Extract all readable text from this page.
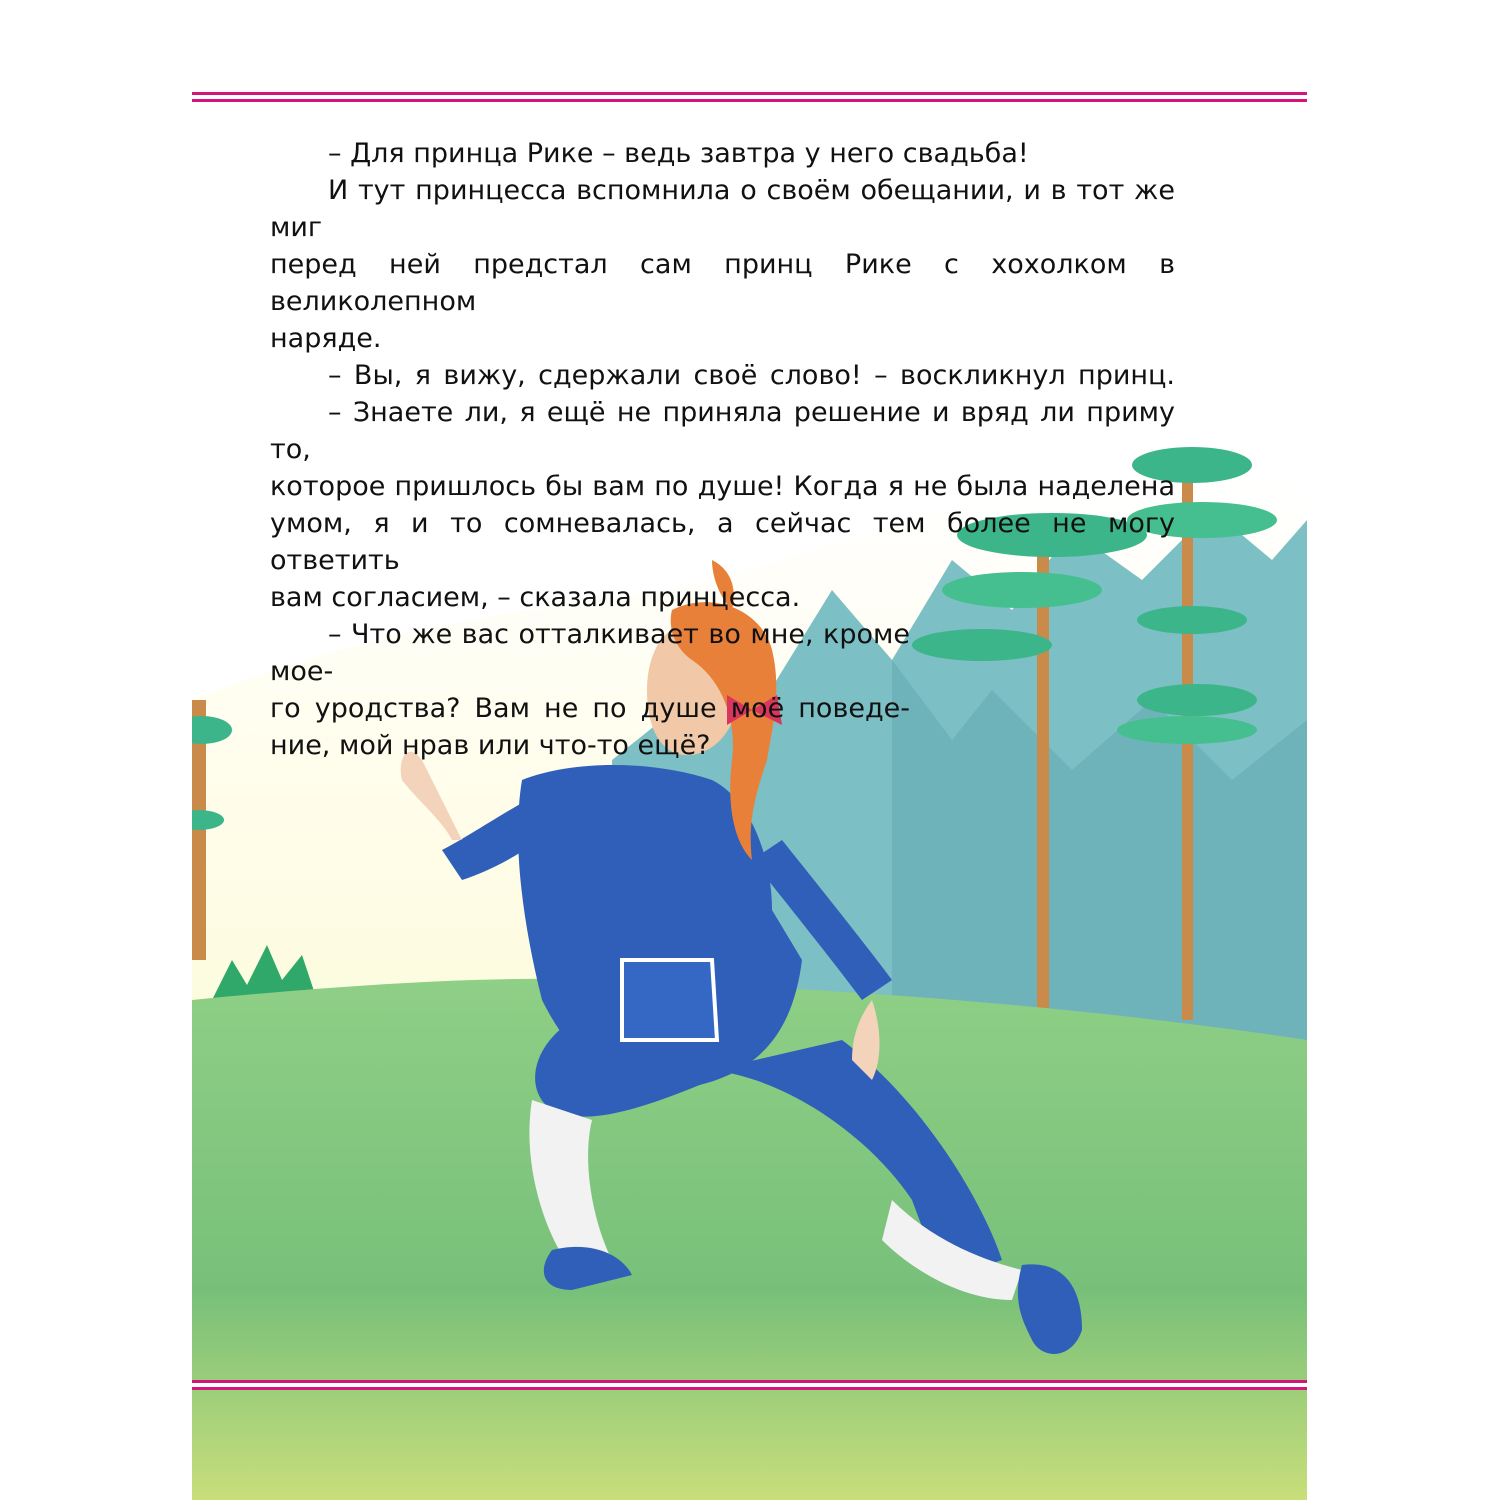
– Для принца Рике – ведь завтра у него свадьба!

И тут принцесса вспомнила о своём обещании, и в тот же миг

перед ней предстал сам принц Рике с хохолком в великолепном

наряде.

– Вы, я вижу, сдержали своё слово! – воскликнул принц.

– Знаете ли, я ещё не приняла решение и вряд ли приму то,

которое пришлось бы вам по душе! Когда я не была наделена

умом, я и то сомневалась, а сейчас тем более не могу ответить

вам согласием, – сказала принцесса.

– Что же вас отталкивает во мне, кроме мое-

го уродства? Вам не по душе моё поведе-

ние, мой нрав или что-то ещё?
